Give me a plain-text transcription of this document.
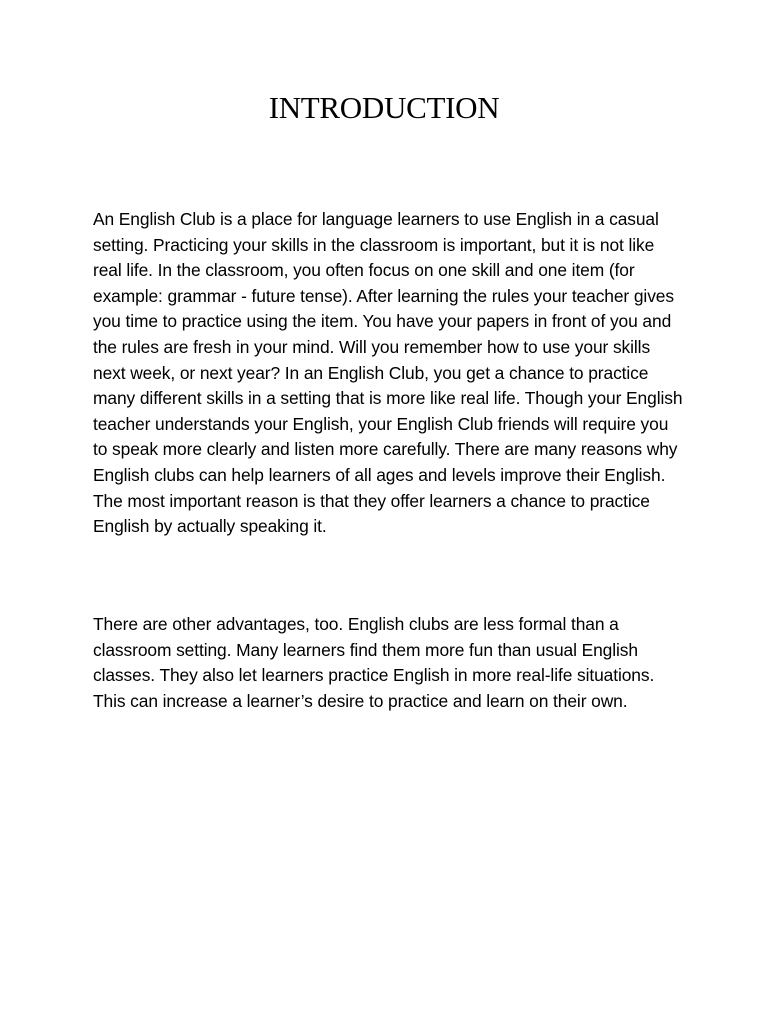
INTRODUCTION

An English Club is a place for language learners to use English in a casual setting. Practicing your skills in the classroom is important, but it is not like real life. In the classroom, you often focus on one skill and one item (for example: grammar - future tense). After learning the rules your teacher gives you time to practice using the item. You have your papers in front of you and the rules are fresh in your mind. Will you remember how to use your skills next week, or next year? In an English Club, you get a chance to practice many different skills in a setting that is more like real life. Though your English teacher understands your English, your English Club friends will require you to speak more clearly and listen more carefully. There are many reasons why English clubs can help learners of all ages and levels improve their English. The most important reason is that they offer learners a chance to practice English by actually speaking it.

There are other advantages, too. English clubs are less formal than a classroom setting. Many learners find them more fun than usual English classes. They also let learners practice English in more real-life situations. This can increase a learner’s desire to practice and learn on their own.
